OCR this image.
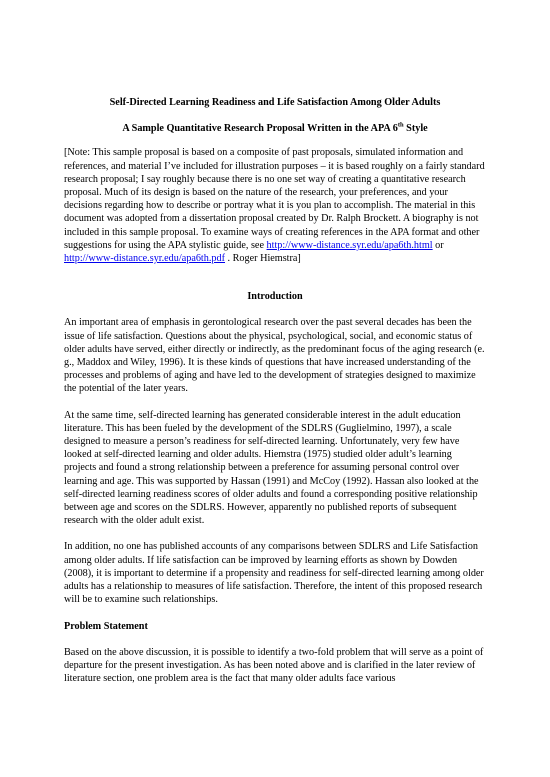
Self-Directed Learning Readiness and Life Satisfaction Among Older Adults

A Sample Quantitative Research Proposal Written in the APA 6th Style

[Note: This sample proposal is based on a composite of past proposals, simulated information and references, and material I’ve included for illustration purposes – it is based roughly on a fairly standard research proposal; I say roughly because there is no one set way of creating a quantitative research proposal. Much of its design is based on the nature of the research, your preferences, and your decisions regarding how to describe or portray what it is you plan to accomplish. The material in this document was adopted from a dissertation proposal created by Dr. Ralph Brockett. A biography is not included in this sample proposal. To examine ways of creating references in the APA format and other suggestions for using the APA stylistic guide, see http://www-distance.syr.edu/apa6th.html or http://www-distance.syr.edu/apa6th.pdf . Roger Hiemstra]

Introduction

An important area of emphasis in gerontological research over the past several decades has been the issue of life satisfaction. Questions about the physical, psychological, social, and economic status of older adults have served, either directly or indirectly, as the predominant focus of the aging research (e. g., Maddox and Wiley, 1996). It is these kinds of questions that have increased understanding of the processes and problems of aging and have led to the development of strategies designed to maximize the potential of the later years.

At the same time, self-directed learning has generated considerable interest in the adult education literature. This has been fueled by the development of the SDLRS (Guglielmino, 1997), a scale designed to measure a person’s readiness for self-directed learning. Unfortunately, very few have looked at self-directed learning and older adults. Hiemstra (1975) studied older adult’s learning projects and found a strong relationship between a preference for assuming personal control over learning and age. This was supported by Hassan (1991) and McCoy (1992). Hassan also looked at the self-directed learning readiness scores of older adults and found a corresponding positive relationship between age and scores on the SDLRS. However, apparently no published reports of subsequent research with the older adult exist.

In addition, no one has published accounts of any comparisons between SDLRS and Life Satisfaction among older adults. If life satisfaction can be improved by learning efforts as shown by Dowden (2008), it is important to determine if a propensity and readiness for self-directed learning among older adults has a relationship to measures of life satisfaction. Therefore, the intent of this proposed research will be to examine such relationships.

Problem Statement

Based on the above discussion, it is possible to identify a two-fold problem that will serve as a point of departure for the present investigation. As has been noted above and is clarified in the later review of literature section, one problem area is the fact that many older adults face various
